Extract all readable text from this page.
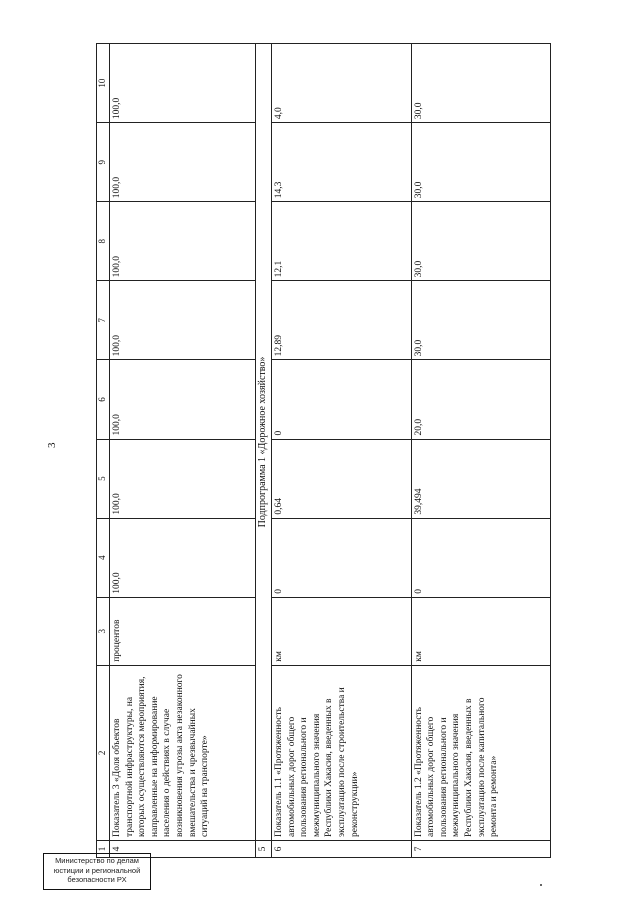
3
1	2	3	4	5	6	7	8	9	10
4	Показатель 3 «Доля объектов транспортной инфраструктуры, на которых осуществляются мероприятия, направленные на информирование населения о действиях в случае возникновения угрозы акта незаконного вмешательства и чрезвычайных ситуаций на транспорте»	процентов	100,0	100,0	100,0	100,0	100,0	100,0	100,0
5	Подпрограмма 1 «Дорожное хозяйство»								
6	Показатель 1.1 «Протяженность автомобильных дорог общего пользования регионального и межмуниципального значения Республики Хакасия, введенных в эксплуатацию после строительства и реконструкции»	км	0	0,64	0	12,89	12,1	14,3	4,0
7	Показатель 1.2 «Протяженность автомобильных дорог общего пользования регионального и межмуниципального значения Республики Хакасия, введенных в эксплуатацию после капитального ремонта и ремонта»	км	0	39,494	20,0	30,0	30,0	30,0	30,0
Министерство по делам
юстиции и региональной
безопасности РХ
